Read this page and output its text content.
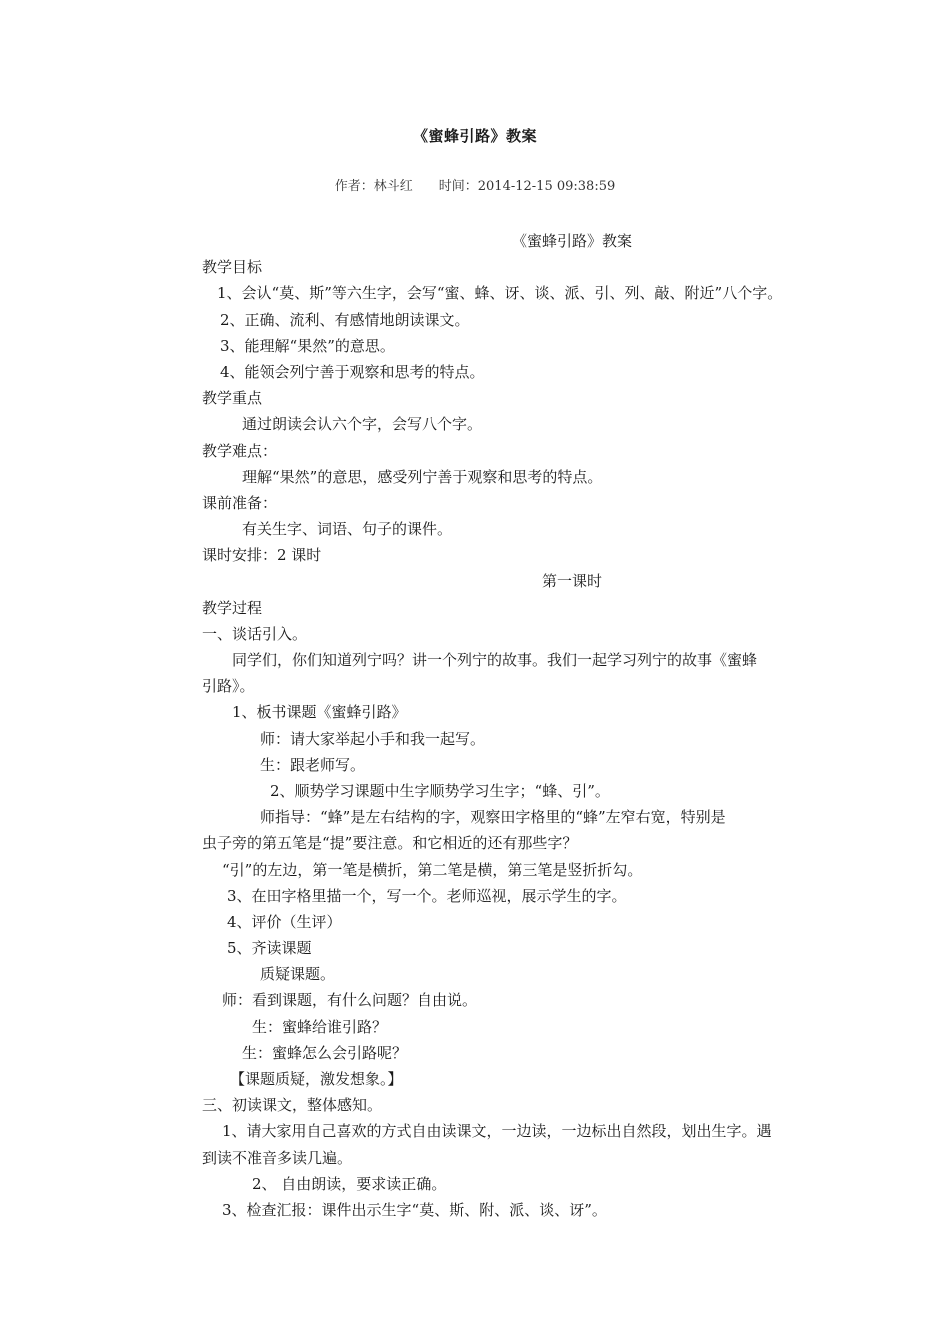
《蜜蜂引路》教案
作者：林斗红 时间：2014-12-15 09:38:59
《蜜蜂引路》教案
教学目标
1、会认“莫、斯”等六生字，会写“蜜、蜂、讶、谈、派、引、列、敲、附近”八个字。
2、正确、流利、有感情地朗读课文。
3、能理解“果然”的意思。
4、能领会列宁善于观察和思考的特点。
教学重点
通过朗读会认六个字，会写八个字。
教学难点：
理解“果然”的意思，感受列宁善于观察和思考的特点。
课前准备：
有关生字、词语、句子的课件。
课时安排：2 课时
第一课时
教学过程
一、谈话引入。
同学们，你们知道列宁吗？讲一个列宁的故事。我们一起学习列宁的故事《蜜蜂
引路》。
1、板书课题《蜜蜂引路》
师：请大家举起小手和我一起写。
生：跟老师写。
2、顺势学习课题中生字顺势学习生字；“蜂、引”。
师指导：“蜂”是左右结构的字，观察田字格里的“蜂”左窄右宽，特别是
虫子旁的第五笔是“提”要注意。和它相近的还有那些字？
“引”的左边，第一笔是横折，第二笔是横，第三笔是竖折折勾。
3、在田字格里描一个，写一个。老师巡视，展示学生的字。
4、评价（生评）
5、齐读课题
质疑课题。
师：看到课题，有什么问题？自由说。
生：蜜蜂给谁引路？
生：蜜蜂怎么会引路呢？
【课题质疑，激发想象。】
三、初读课文，整体感知。
1、请大家用自己喜欢的方式自由读课文，一边读，一边标出自然段，划出生字。遇
到读不准音多读几遍。
2、 自由朗读，要求读正确。
3、检查汇报：课件出示生字“莫、斯、附、派、谈、讶”。
